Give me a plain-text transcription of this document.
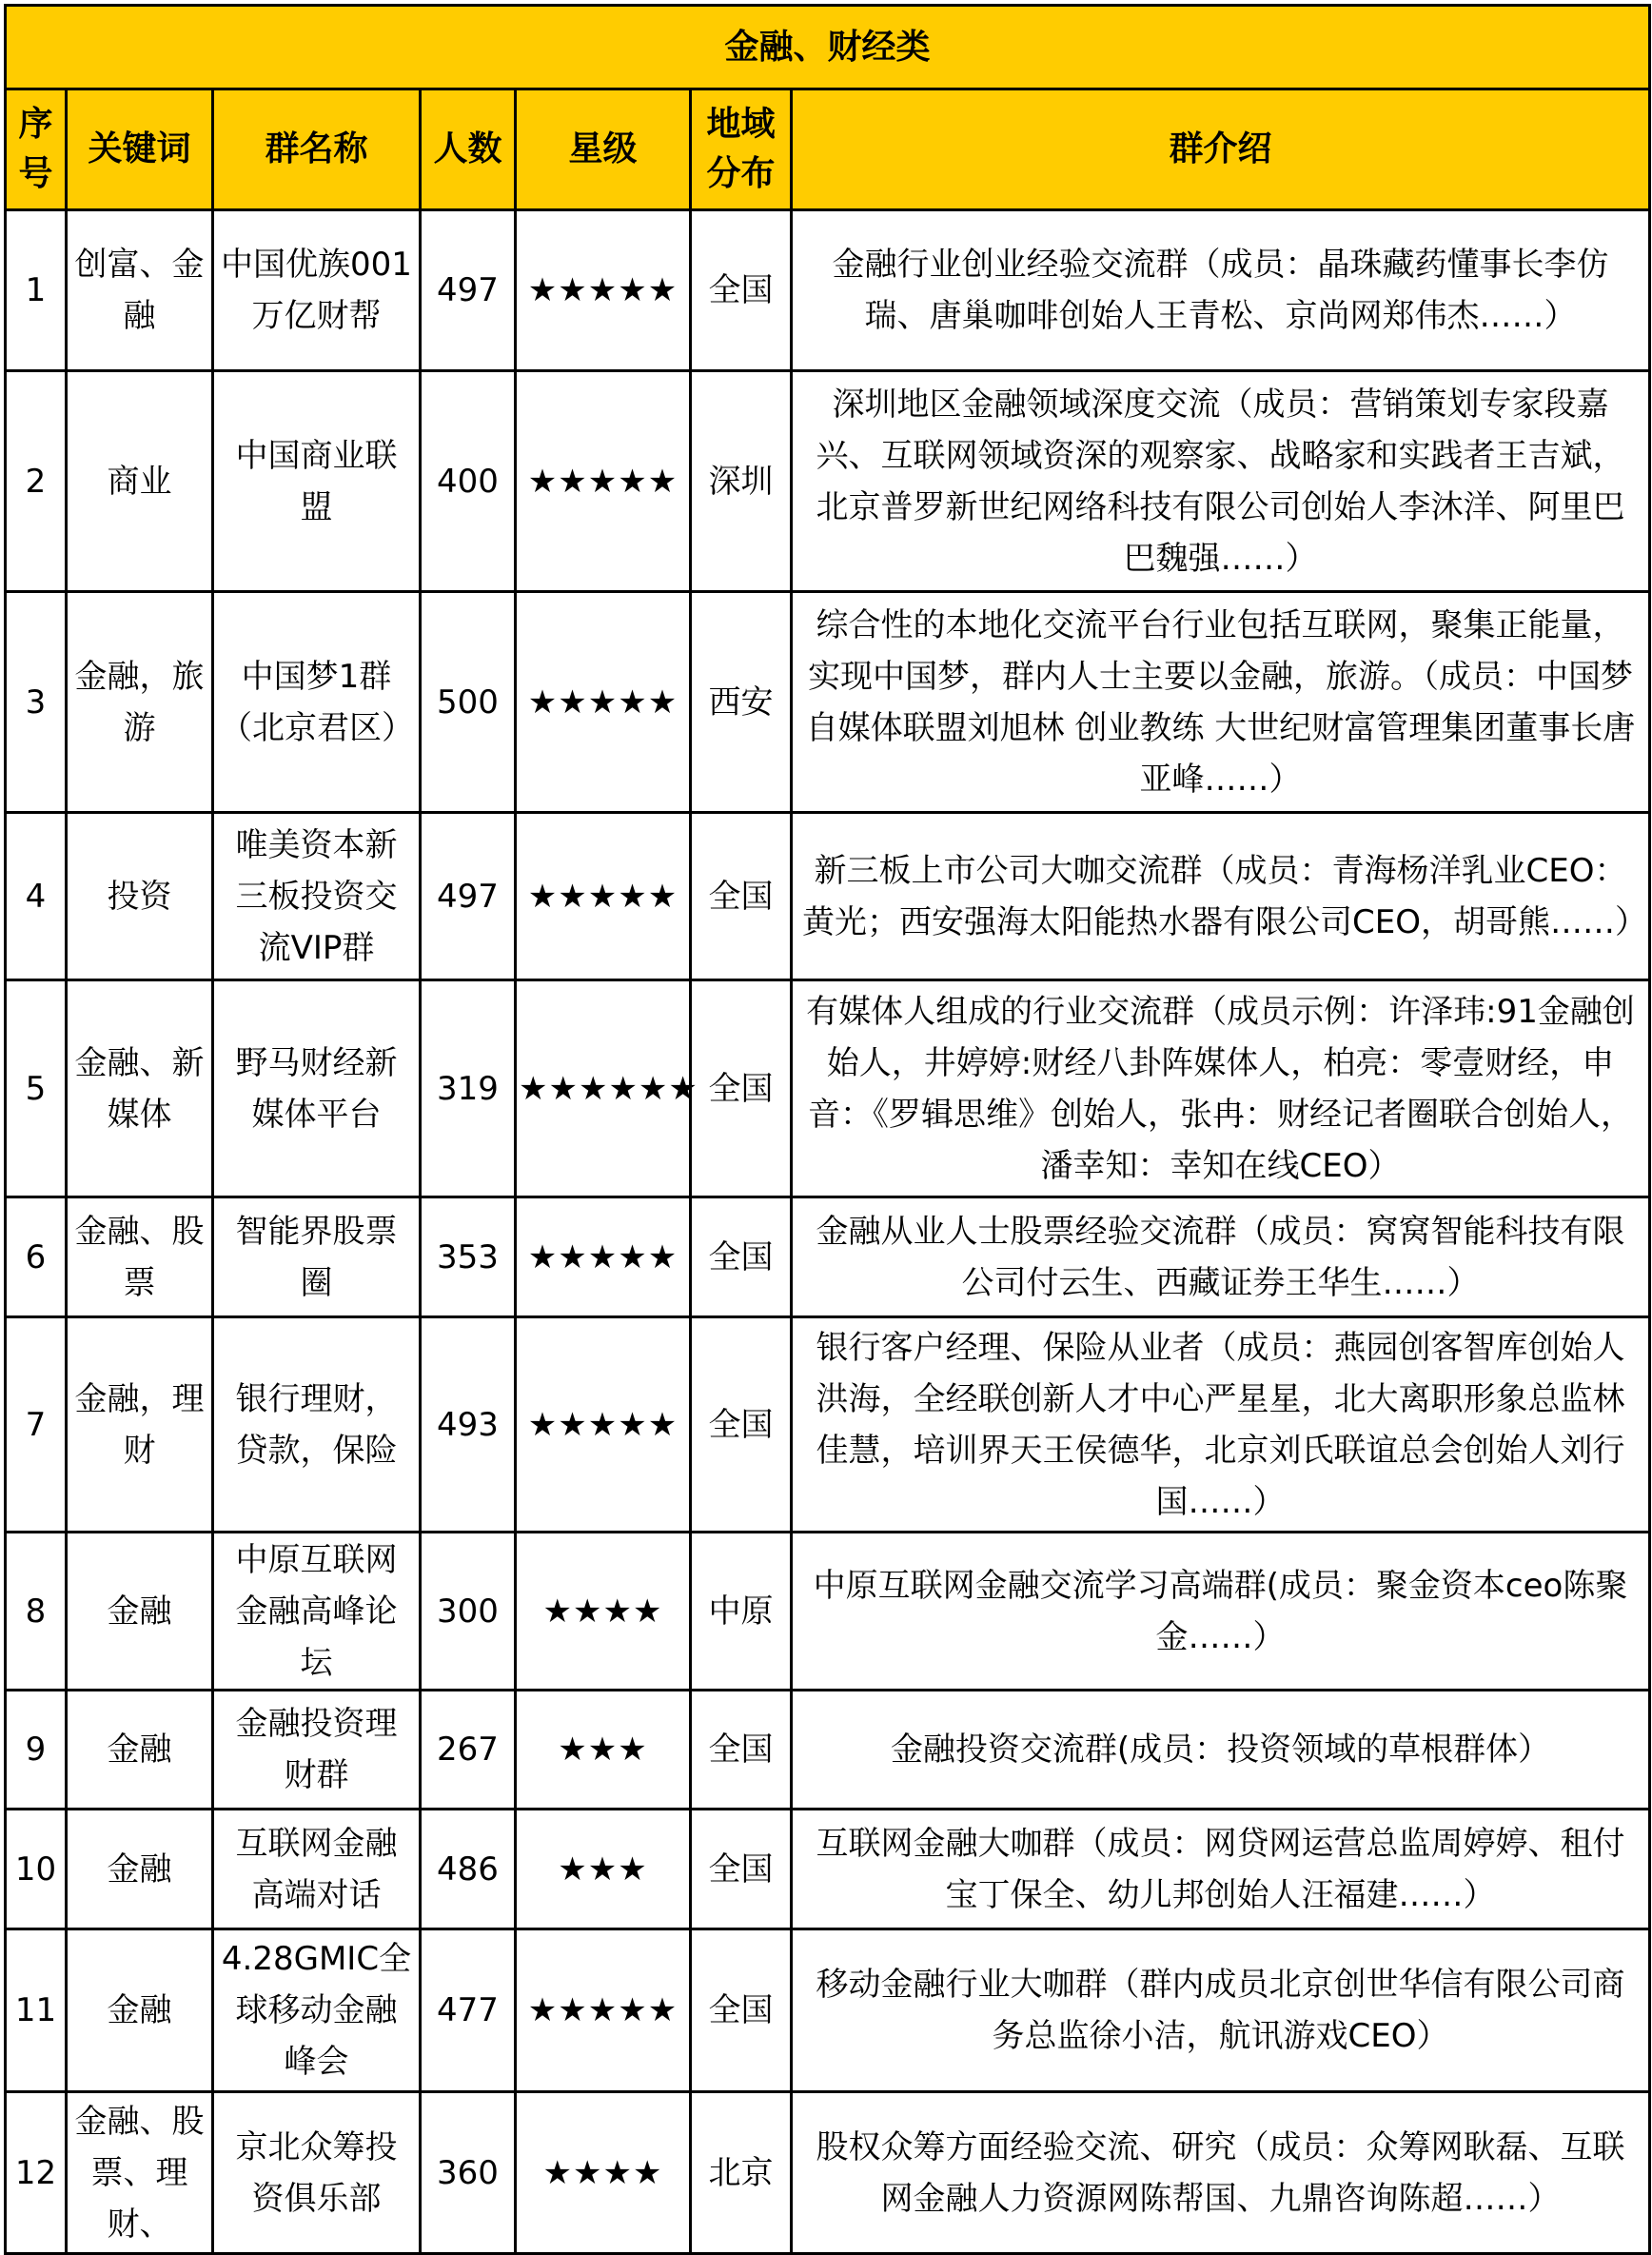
金融、财经类						
序号	关键词	群名称	人数	星级	地域分布	群介绍
1	创富、金融	中国优族001万亿财帮	497	★★★★★	全国	金融行业创业经验交流群（成员：晶珠藏药懂事长李仿瑞、唐巢咖啡创始人王青松、京尚网郑伟杰……）
2	商业	中国商业联盟	400	★★★★★	深圳	深圳地区金融领域深度交流（成员：营销策划专家段嘉兴、互联网领域资深的观察家、战略家和实践者王吉斌，北京普罗新世纪网络科技有限公司创始人李沐洋、阿里巴巴魏强……）
3	金融，旅游	中国梦1群（北京君区）	500	★★★★★	西安	综合性的本地化交流平台行业包括互联网，聚集正能量，实现中国梦，群内人士主要以金融，旅游。（成员：中国梦自媒体联盟刘旭林 创业教练 大世纪财富管理集团董事长唐亚峰……）
4	投资	唯美资本新三板投资交流VIP群	497	★★★★★	全国	新三板上市公司大咖交流群（成员：青海杨洋乳业CEO：黄光；西安强海太阳能热水器有限公司CEO，胡哥熊……）
5	金融、新媒体	野马财经新媒体平台	319	★★★★★★	全国	有媒体人组成的行业交流群（成员示例：许泽玮:91金融创始人，井婷婷:财经八卦阵媒体人，柏亮：零壹财经，申音：《罗辑思维》创始人，张冉：财经记者圈联合创始人，潘幸知：幸知在线CEO）
6	金融、股票	智能界股票圈	353	★★★★★	全国	金融从业人士股票经验交流群（成员：窝窝智能科技有限公司付云生、西藏证券王华生……）
7	金融，理财	银行理财，贷款，保险	493	★★★★★	全国	银行客户经理、保险从业者（成员：燕园创客智库创始人洪海，全经联创新人才中心严星星，北大离职形象总监林佳慧，培训界天王侯德华，北京刘氏联谊总会创始人刘行国……）
8	金融	中原互联网金融高峰论坛	300	★★★★	中原	中原互联网金融交流学习高端群(成员：聚金资本ceo陈聚金……）
9	金融	金融投资理财群	267	★★★	全国	金融投资交流群(成员：投资领域的草根群体）
10	金融	互联网金融高端对话	486	★★★	全国	互联网金融大咖群（成员：网贷网运营总监周婷婷、租付宝丁保全、幼儿邦创始人汪福建……）
11	金融	4.28GMIC全球移动金融峰会	477	★★★★★	全国	移动金融行业大咖群（群内成员北京创世华信有限公司商务总监徐小洁，航讯游戏CEO）
12	金融、股票、理财、	京北众筹投资俱乐部	360	★★★★	北京	股权众筹方面经验交流、研究（成员：众筹网耿磊、互联网金融人力资源网陈帮国、九鼎咨询陈超……）
